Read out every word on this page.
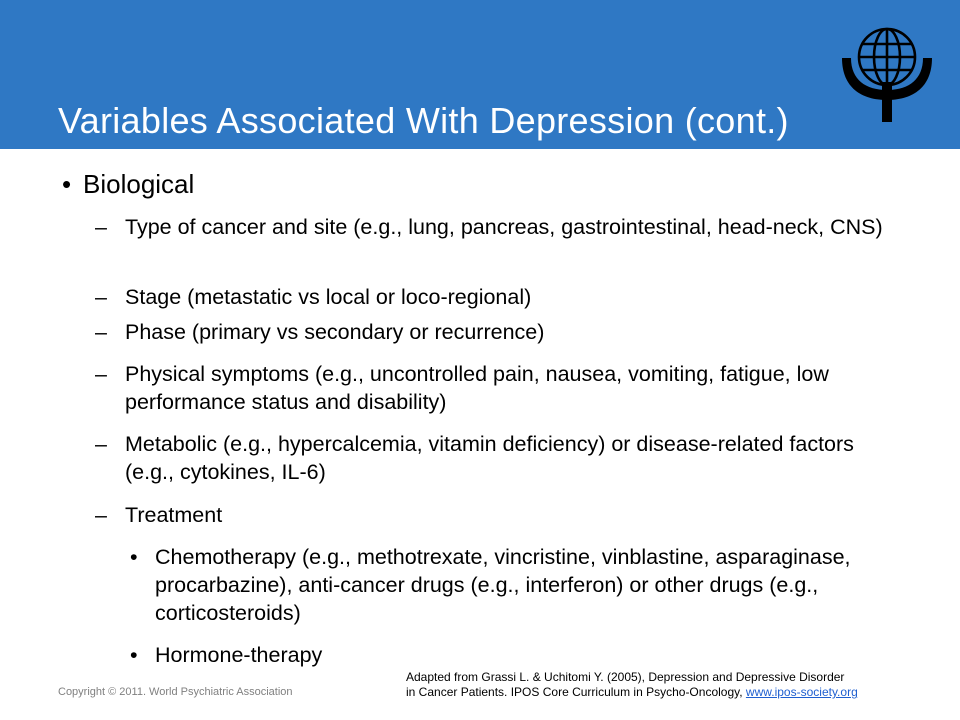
Variables Associated With Depression (cont.)
• Biological
– Type of cancer and site (e.g., lung, pancreas, gastrointestinal, head-neck, CNS)
– Stage (metastatic vs local or loco-regional)
– Phase (primary vs secondary or recurrence)
– Physical symptoms (e.g., uncontrolled pain, nausea, vomiting, fatigue, low performance status and disability)
– Metabolic (e.g., hypercalcemia, vitamin deficiency) or disease-related factors (e.g., cytokines, IL-6)
– Treatment
• Chemotherapy (e.g., methotrexate, vincristine, vinblastine, asparaginase, procarbazine), anti-cancer drugs (e.g., interferon) or other drugs (e.g., corticosteroids)
• Hormone-therapy
Copyright © 2011. World Psychiatric Association
Adapted from Grassi L. & Uchitomi Y. (2005), Depression and Depressive Disorder
in Cancer Patients. IPOS Core Curriculum in Psycho-Oncology, www.ipos-society.org
